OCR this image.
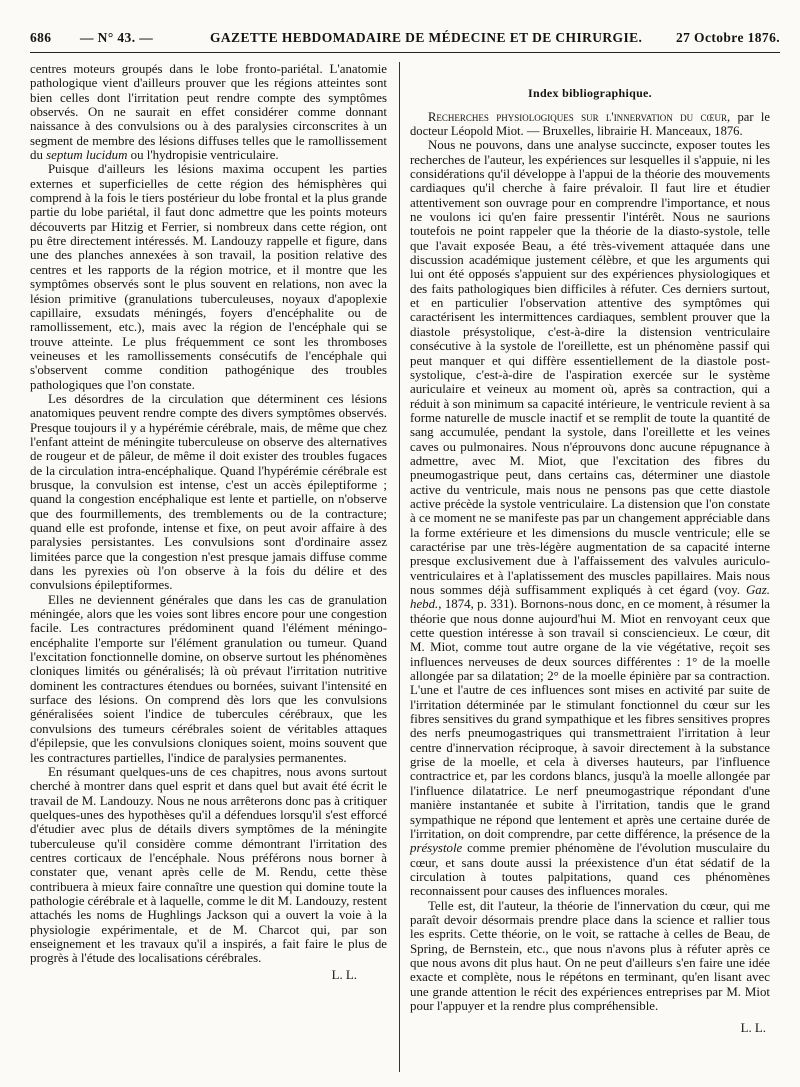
686 — N° 43. —	GAZETTE HEBDOMADAIRE DE MÉDECINE ET DE CHIRURGIE. 27 Octobre 1876.

centres moteurs groupés dans le lobe fronto-pariétal. L'anatomie pathologique vient d'ailleurs prouver que les régions atteintes sont bien celles dont l'irritation peut rendre compte des symptômes observés. On ne saurait en effet considérer comme donnant naissance à des convulsions ou à des paralysies circonscrites à un segment de membre des lésions diffuses telles que le ramollissement du septum lucidum ou l'hydropisie ventriculaire.

Puisque d'ailleurs les lésions maxima occupent les parties externes et superficielles de cette région des hémisphères qui comprend à la fois le tiers postérieur du lobe frontal et la plus grande partie du lobe pariétal, il faut donc admettre que les points moteurs découverts par Hitzig et Ferrier, si nombreux dans cette région, ont pu être directement intéressés. M. Landouzy rappelle et figure, dans une des planches annexées à son travail, la position relative des centres et les rapports de la région motrice, et il montre que les symptômes observés sont le plus souvent en relations, non avec la lésion primitive (granulations tuberculeuses, noyaux d'apoplexie capillaire, exsudats méningés, foyers d'encéphalite ou de ramollissement, etc.), mais avec la région de l'encéphale qui se trouve atteinte. Le plus fréquemment ce sont les thromboses veineuses et les ramollissements consécutifs de l'encéphale qui s'observent comme condition pathogénique des troubles pathologiques que l'on constate.

Les désordres de la circulation que déterminent ces lésions anatomiques peuvent rendre compte des divers symptômes observés. Presque toujours il y a hypérémie cérébrale, mais, de même que chez l'enfant atteint de méningite tuberculeuse on observe des alternatives de rougeur et de pâleur, de même il doit exister des troubles fugaces de la circulation intra-encéphalique. Quand l'hypérémie cérébrale est brusque, la convulsion est intense, c'est un accès épileptiforme ; quand la congestion encéphalique est lente et partielle, on n'observe que des fourmillements, des tremblements ou de la contracture; quand elle est profonde, intense et fixe, on peut avoir affaire à des paralysies persistantes. Les convulsions sont d'ordinaire assez limitées parce que la congestion n'est presque jamais diffuse comme dans les pyrexies où l'on observe à la fois du délire et des convulsions épileptiformes.

Elles ne deviennent générales que dans les cas de granulation méningée, alors que les voies sont libres encore pour une congestion facile. Les contractures prédominent quand l'élément méningo-encéphalite l'emporte sur l'élément granulation ou tumeur. Quand l'excitation fonctionnelle domine, on observe surtout les phénomènes cloniques limités ou généralisés; là où prévaut l'irritation nutritive dominent les contractures étendues ou bornées, suivant l'intensité en surface des lésions. On comprend dès lors que les convulsions généralisées soient l'indice de tubercules cérébraux, que les convulsions des tumeurs cérébrales soient de véritables attaques d'épilepsie, que les convulsions cloniques soient, moins souvent que les contractures partielles, l'indice de paralysies permanentes.

En résumant quelques-uns de ces chapitres, nous avons surtout cherché à montrer dans quel esprit et dans quel but avait été écrit le travail de M. Landouzy. Nous ne nous arrêterons donc pas à critiquer quelques-unes des hypothèses qu'il a défendues lorsqu'il s'est efforcé d'étudier avec plus de détails divers symptômes de la méningite tuberculeuse qu'il considère comme démontrant l'irritation des centres corticaux de l'encéphale. Nous préférons nous borner à constater que, venant après celle de M. Rendu, cette thèse contribuera à mieux faire connaître une question qui domine toute la pathologie cérébrale et à laquelle, comme le dit M. Landouzy, restent attachés les noms de Hughlings Jackson qui a ouvert la voie à la physiologie expérimentale, et de M. Charcot qui, par son enseignement et les travaux qu'il a inspirés, a fait faire le plus de progrès à l'étude des localisations cérébrales.

L. L.
Index bibliographique.

Recherches physiologiques sur l'innervation du cœur, par le docteur Léopold Miot. — Bruxelles, librairie H. Manceaux, 1876.

Nous ne pouvons, dans une analyse succincte, exposer toutes les recherches de l'auteur, les expériences sur lesquelles il s'appuie, ni les considérations qu'il développe à l'appui de la théorie des mouvements cardiaques qu'il cherche à faire prévaloir. Il faut lire et étudier attentivement son ouvrage pour en comprendre l'importance, et nous ne voulons ici qu'en faire pressentir l'intérêt. Nous ne saurions toutefois ne point rappeler que la théorie de la diasto-systole, telle que l'avait exposée Beau, a été très-vivement attaquée dans une discussion académique justement célèbre, et que les arguments qui lui ont été opposés s'appuient sur des expériences physiologiques et des faits pathologiques bien difficiles à réfuter. Ces derniers surtout, et en particulier l'observation attentive des symptômes qui caractérisent les intermittences cardiaques, semblent prouver que la diastole présystolique, c'est-à-dire la distension ventriculaire consécutive à la systole de l'oreillette, est un phénomène passif qui peut manquer et qui diffère essentiellement de la diastole post-systolique, c'est-à-dire de l'aspiration exercée sur le système auriculaire et veineux au moment où, après sa contraction, qui a réduit à son minimum sa capacité intérieure, le ventricule revient à sa forme naturelle de muscle inactif et se remplit de toute la quantité de sang accumulée, pendant la systole, dans l'oreillette et les veines caves ou pulmonaires. Nous n'éprouvons donc aucune répugnance à admettre, avec M. Miot, que l'excitation des fibres du pneumogastrique peut, dans certains cas, déterminer une diastole active du ventricule, mais nous ne pensons pas que cette diastole active précède la systole ventriculaire. La distension que l'on constate à ce moment ne se manifeste pas par un changement appréciable dans la forme extérieure et les dimensions du muscle ventricule; elle se caractérise par une très-légère augmentation de sa capacité interne presque exclusivement due à l'affaissement des valvules auriculo-ventriculaires et à l'aplatissement des muscles papillaires. Mais nous nous sommes déjà suffisamment expliqués à cet égard (voy. Gaz. hebd., 1874, p. 331). Bornons-nous donc, en ce moment, à résumer la théorie que nous donne aujourd'hui M. Miot en renvoyant ceux que cette question intéresse à son travail si consciencieux. Le cœur, dit M. Miot, comme tout autre organe de la vie végétative, reçoit ses influences nerveuses de deux sources différentes : 1° de la moelle allongée par sa dilatation; 2° de la moelle épinière par sa contraction. L'une et l'autre de ces influences sont mises en activité par suite de l'irritation déterminée par le stimulant fonctionnel du cœur sur les fibres sensitives du grand sympathique et les fibres sensitives propres des nerfs pneumogastriques qui transmettraient l'irritation à leur centre d'innervation réciproque, à savoir directement à la substance grise de la moelle, et cela à diverses hauteurs, par l'influence contractrice et, par les cordons blancs, jusqu'à la moelle allongée par l'influence dilatatrice. Le nerf pneumogastrique répondant d'une manière instantanée et subite à l'irritation, tandis que le grand sympathique ne répond que lentement et après une certaine durée de l'irritation, on doit comprendre, par cette différence, la présence de la présystole comme premier phénomène de l'évolution musculaire du cœur, et sans doute aussi la préexistence d'un état sédatif de la circulation à toutes palpitations, quand ces phénomènes reconnaissent pour causes des influences morales.

Telle est, dit l'auteur, la théorie de l'innervation du cœur, qui me paraît devoir désormais prendre place dans la science et rallier tous les esprits. Cette théorie, on le voit, se rattache à celles de Beau, de Spring, de Bernstein, etc., que nous n'avons plus à réfuter après ce que nous avons dit plus haut. On ne peut d'ailleurs s'en faire une idée exacte et complète, nous le répétons en terminant, qu'en lisant avec une grande attention le récit des expériences entreprises par M. Miot pour l'appuyer et la rendre plus compréhensible.

L. L.
